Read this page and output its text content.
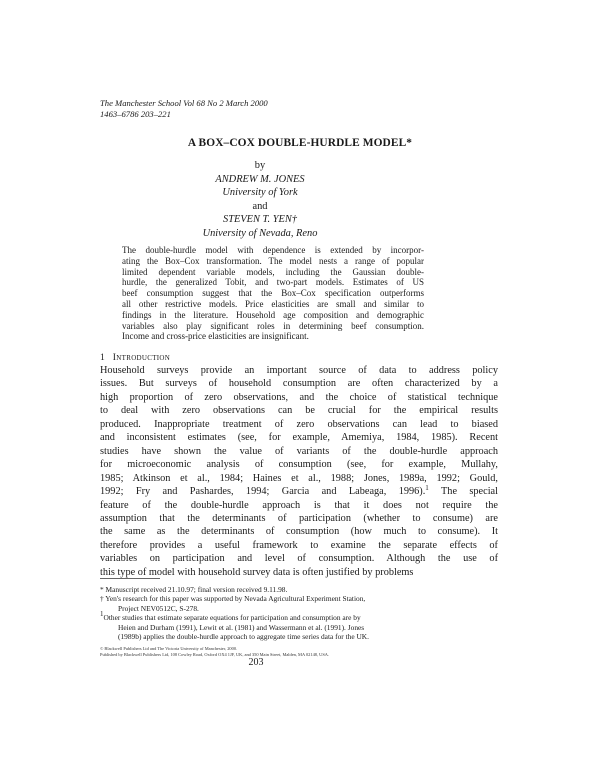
The Manchester School Vol 68 No 2 March 2000
1463–6786 203–221
A BOX–COX DOUBLE-HURDLE MODEL*
by
ANDREW M. JONES
University of York
and
STEVEN T. YEN†
University of Nevada, Reno
The double-hurdle model with dependence is extended by incorpor-
ating the Box–Cox transformation. The model nests a range of popular
limited dependent variable models, including the Gaussian double-
hurdle, the generalized Tobit, and two-part models. Estimates of US
beef consumption suggest that the Box–Cox specification outperforms
all other restrictive models. Price elasticities are small and similar to
findings in the literature. Household age composition and demographic
variables also play significant roles in determining beef consumption.
Income and cross-price elasticities are insignificant.
1 Introduction
Household surveys provide an important source of data to address policy
issues. But surveys of household consumption are often characterized by a
high proportion of zero observations, and the choice of statistical technique
to deal with zero observations can be crucial for the empirical results
produced. Inappropriate treatment of zero observations can lead to biased
and inconsistent estimates (see, for example, Amemiya, 1984, 1985). Recent
studies have shown the value of variants of the double-hurdle approach
for microeconomic analysis of consumption (see, for example, Mullahy,
1985; Atkinson et al., 1984; Haines et al., 1988; Jones, 1989a, 1992; Gould,
1992; Fry and Pashardes, 1994; Garcia and Labeaga, 1996).$^1$ The special
feature of the double-hurdle approach is that it does not require the
assumption that the determinants of participation (whether to consume) are
the same as the determinants of consumption (how much to consume). It
therefore provides a useful framework to examine the separate effects of
variables on participation and level of consumption. Although the use of
this type of model with household survey data is often justified by problems
* Manuscript received 21.10.97; final version received 9.11.98.
† Yen's research for this paper was supported by Nevada Agricultural Experiment Station,
Project NEV0512C, S-278.
$^1$Other studies that estimate separate equations for participation and consumption are by
Heien and Durham (1991), Lewit et al. (1981) and Wassermann et al. (1991). Jones
(1989b) applies the double-hurdle approach to aggregate time series data for the UK.
© Blackwell Publishers Ltd and The Victoria University of Manchester, 2000.
Published by Blackwell Publishers Ltd, 108 Cowley Road, Oxford OX4 1JF, UK, and 350 Main Street, Malden, MA 02148, USA.
203
